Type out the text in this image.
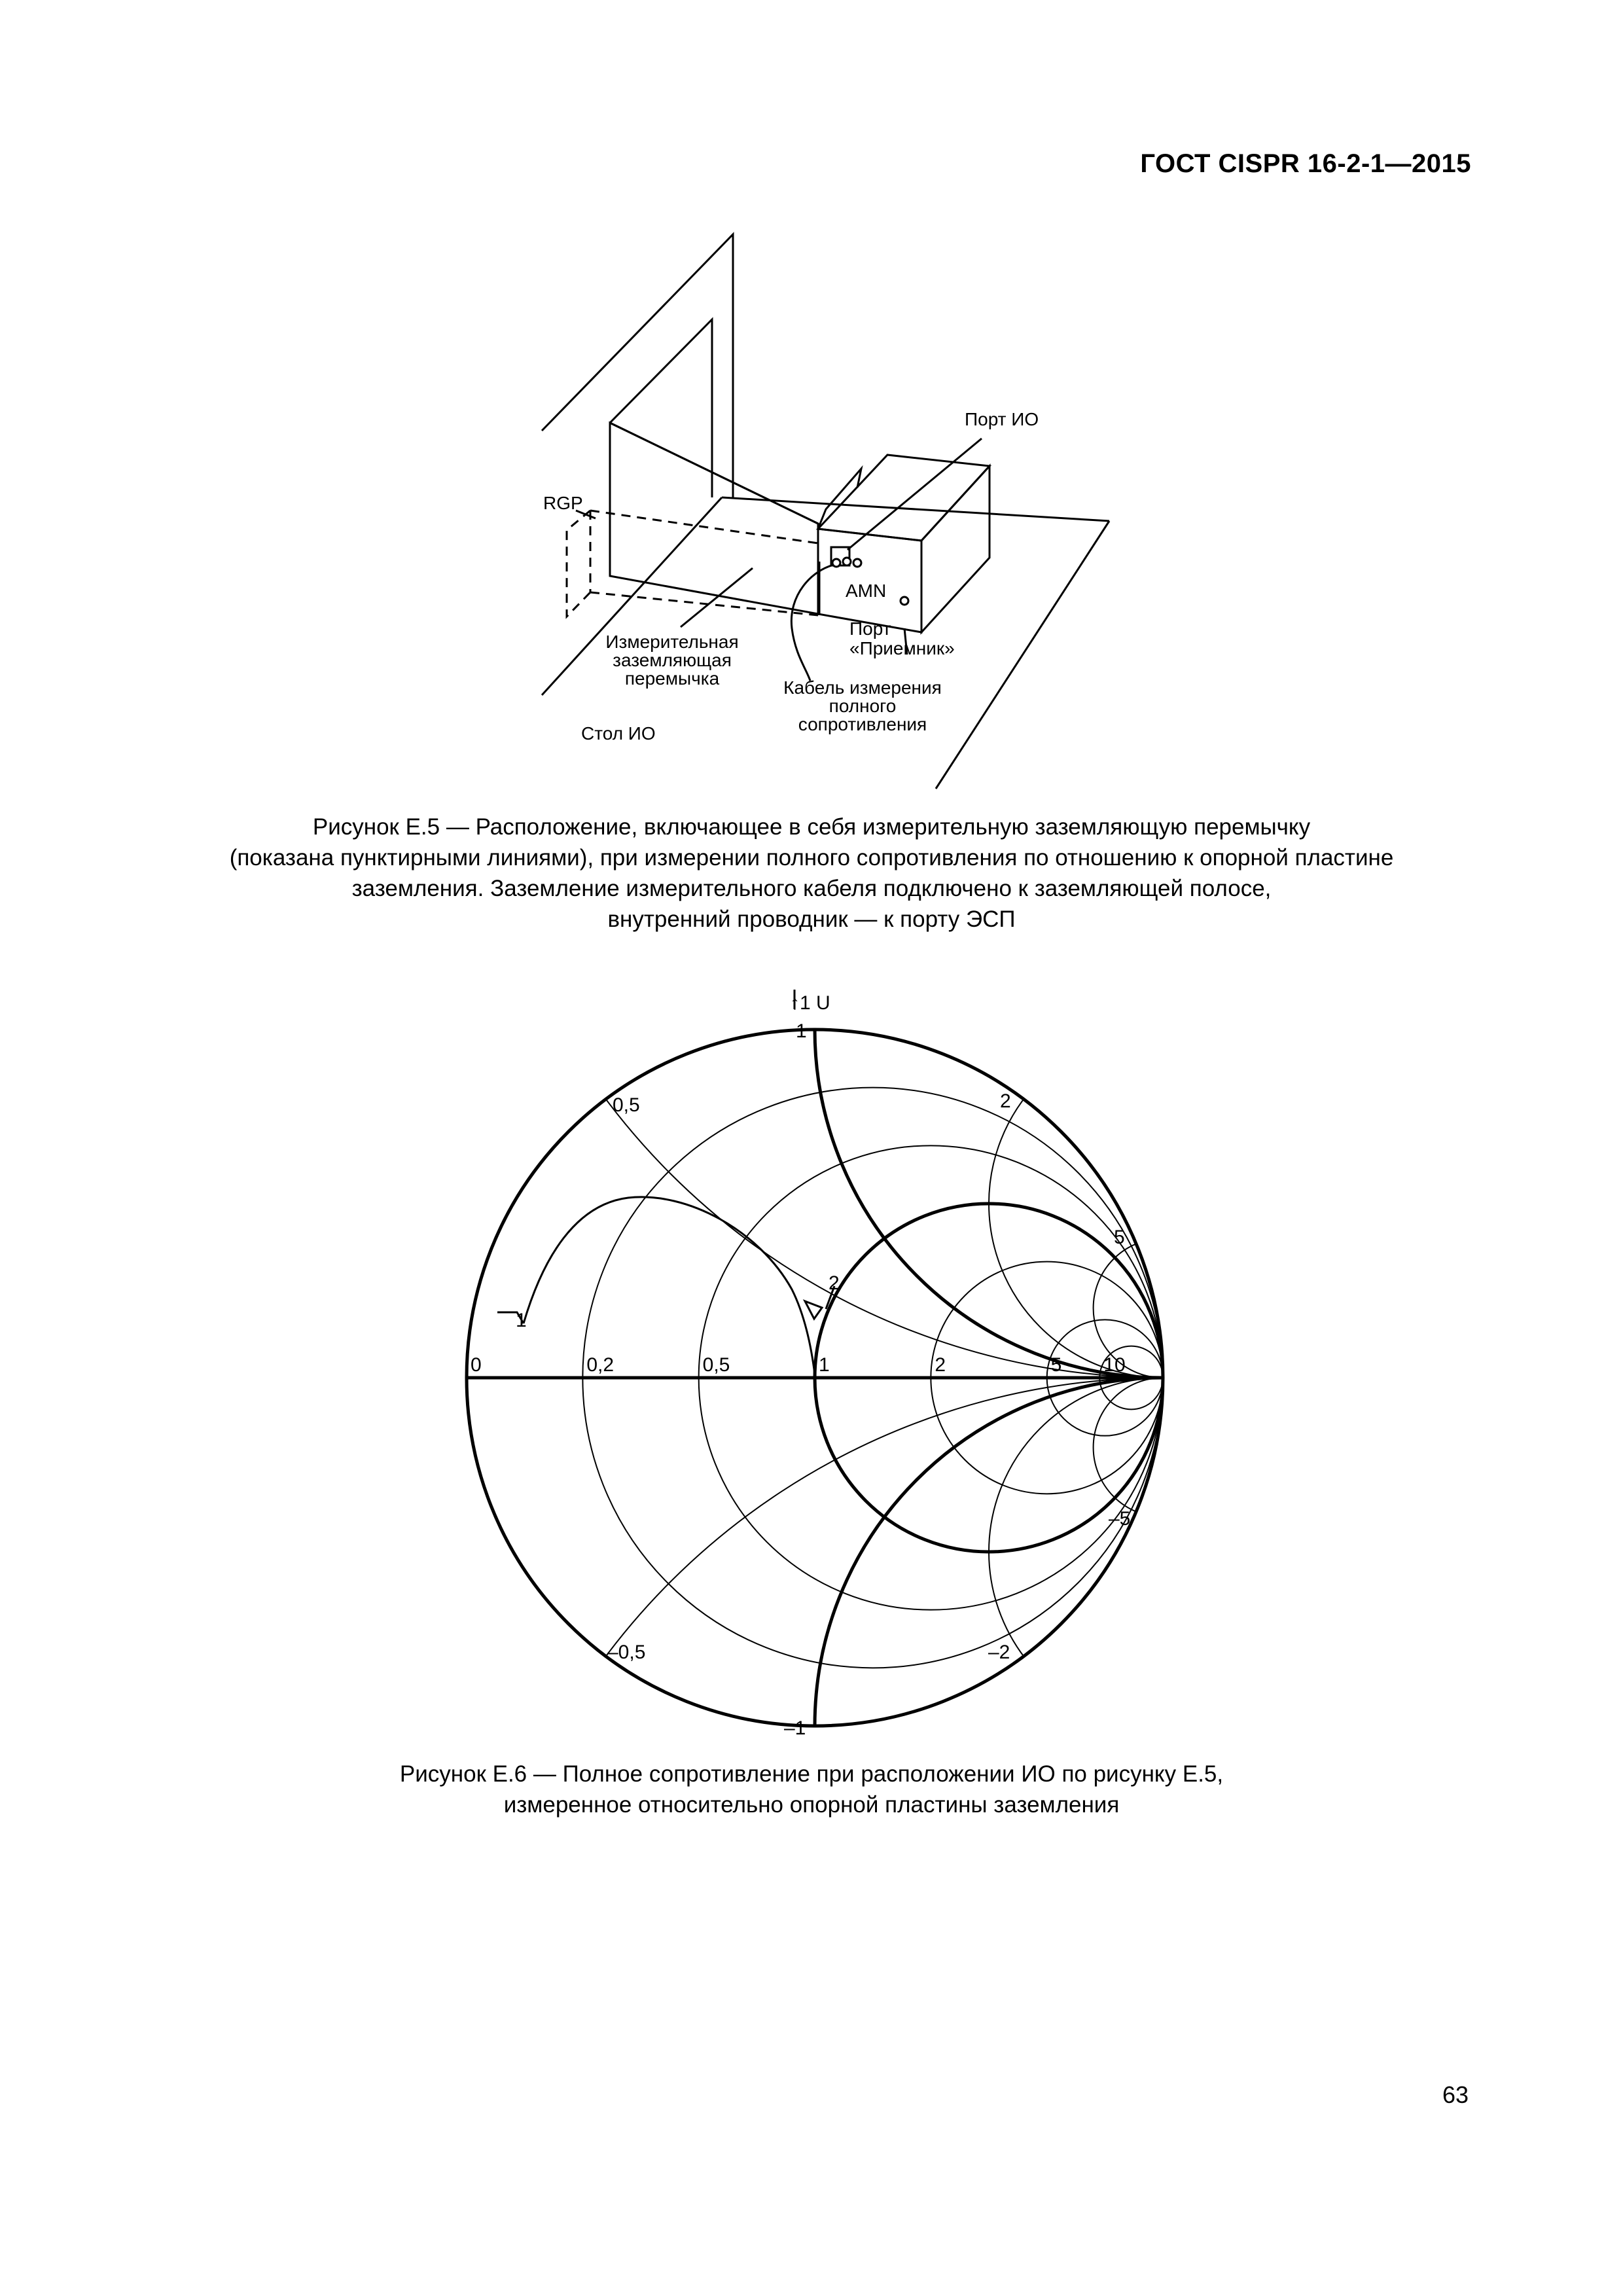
ГОСТ CISPR 16-2-1—2015
Порт ИО
RGP
AMN
Порт
«Приемник»
Измерительная
заземляющая
перемычка	Кабель измерения
полного
сопротивления
Стол ИО
Рисунок Е.5 — Расположение, включающее в себя измерительную заземляющую перемычку
(показана пунктирными линиями), при измерении полного сопротивления по отношению к опорной пластине
заземления. Заземление измерительного кабеля подключено к заземляющей полосе,
внутренний проводник — к порту ЭСП
↑1 U
0	0,2	0,5	1	2	5 10
1
0,5	2
5
–1
–0,5	–2
–5
1
2
Рисунок Е.6 — Полное сопротивление при расположении ИО по рисунку Е.5,
измеренное относительно опорной пластины заземления
63
